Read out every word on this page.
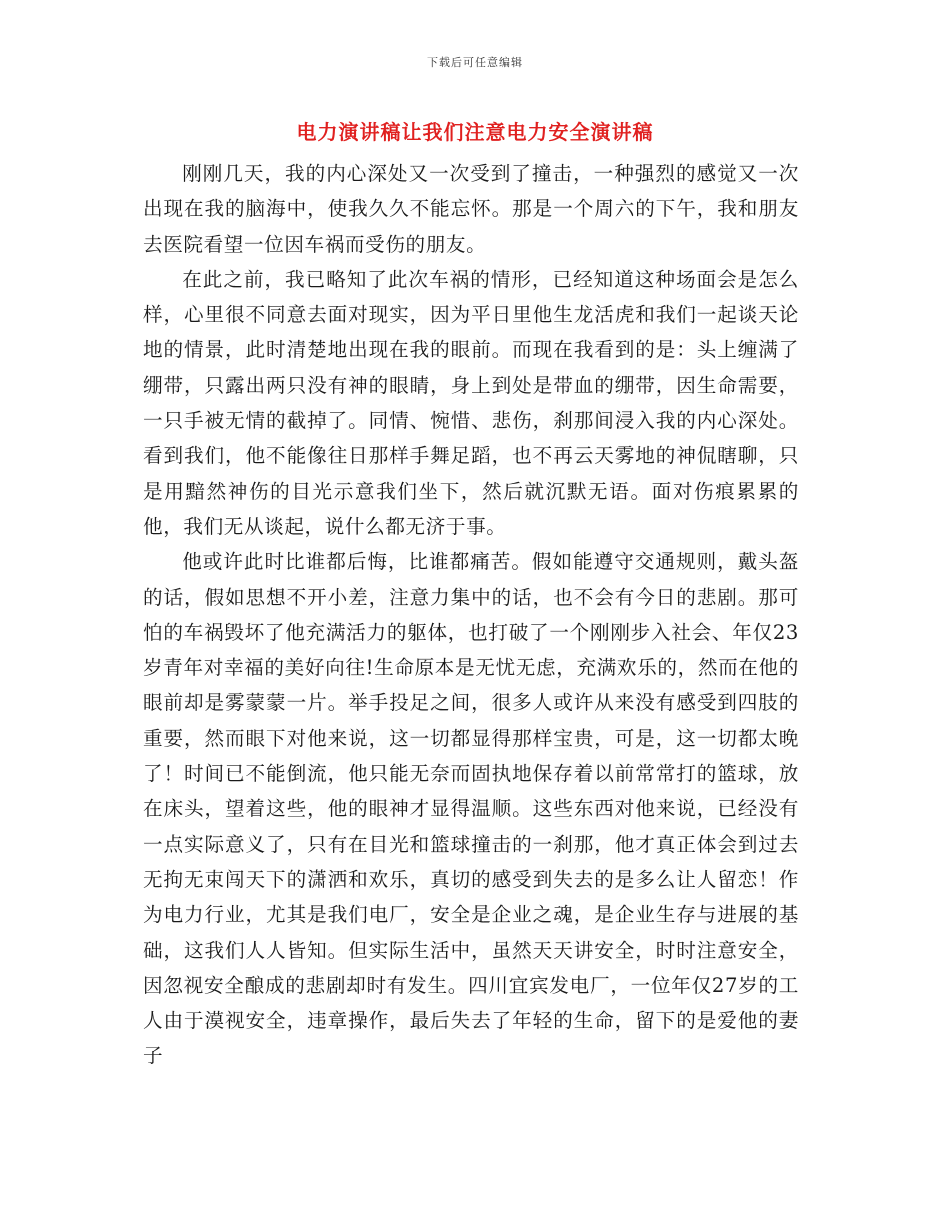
下载后可任意编辑
电力演讲稿让我们注意电力安全演讲稿

刚刚几天，我的内心深处又一次受到了撞击，一种强烈的感觉又一次出现在我的脑海中，使我久久不能忘怀。那是一个周六的下午，我和朋友去医院看望一位因车祸而受伤的朋友。

在此之前，我已略知了此次车祸的情形，已经知道这种场面会是怎么样，心里很不同意去面对现实，因为平日里他生龙活虎和我们一起谈天论地的情景，此时清楚地出现在我的眼前。而现在我看到的是：头上缠满了绷带，只露出两只没有神的眼睛，身上到处是带血的绷带，因生命需要，一只手被无情的截掉了。同情、惋惜、悲伤，刹那间浸入我的内心深处。看到我们，他不能像往日那样手舞足蹈，也不再云天雾地的神侃瞎聊，只是用黯然神伤的目光示意我们坐下，然后就沉默无语。面对伤痕累累的他，我们无从谈起，说什么都无济于事。

他或许此时比谁都后悔，比谁都痛苦。假如能遵守交通规则，戴头盔的话，假如思想不开小差，注意力集中的话，也不会有今日的悲剧。那可怕的车祸毁坏了他充满活力的躯体，也打破了一个刚刚步入社会、年仅23岁青年对幸福的美好向往!生命原本是无忧无虑，充满欢乐的，然而在他的眼前却是雾蒙蒙一片。举手投足之间，很多人或许从来没有感受到四肢的重要，然而眼下对他来说，这一切都显得那样宝贵，可是，这一切都太晚了！时间已不能倒流，他只能无奈而固执地保存着以前常常打的篮球，放在床头，望着这些，他的眼神才显得温顺。这些东西对他来说，已经没有一点实际意义了，只有在目光和篮球撞击的一刹那，他才真正体会到过去无拘无束闯天下的潇洒和欢乐，真切的感受到失去的是多么让人留恋！作为电力行业，尤其是我们电厂，安全是企业之魂，是企业生存与进展的基础，这我们人人皆知。但实际生活中，虽然天天讲安全，时时注意安全，因忽视安全酿成的悲剧却时有发生。四川宜宾发电厂，一位年仅27岁的工人由于漠视安全，违章操作，最后失去了年轻的生命，留下的是爱他的妻子
